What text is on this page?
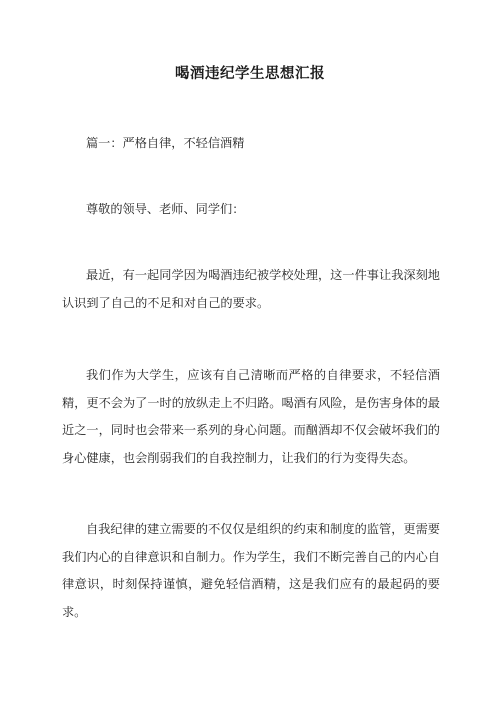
喝酒违纪学生思想汇报
篇一：严格自律，不轻信酒精
尊敬的领导、老师、同学们：
最近，有一起同学因为喝酒违纪被学校处理，这一件事让我深刻地认识到了自己的不足和对自己的要求。
我们作为大学生，应该有自己清晰而严格的自律要求，不轻信酒精，更不会为了一时的放纵走上不归路。喝酒有风险，是伤害身体的最近之一，同时也会带来一系列的身心问题。而酗酒却不仅会破坏我们的身心健康，也会削弱我们的自我控制力，让我们的行为变得失态。
自我纪律的建立需要的不仅仅是组织的约束和制度的监管，更需要我们内心的自律意识和自制力。作为学生，我们不断完善自己的内心自律意识，时刻保持谨慎，避免轻信酒精，这是我们应有的最起码的要求。
